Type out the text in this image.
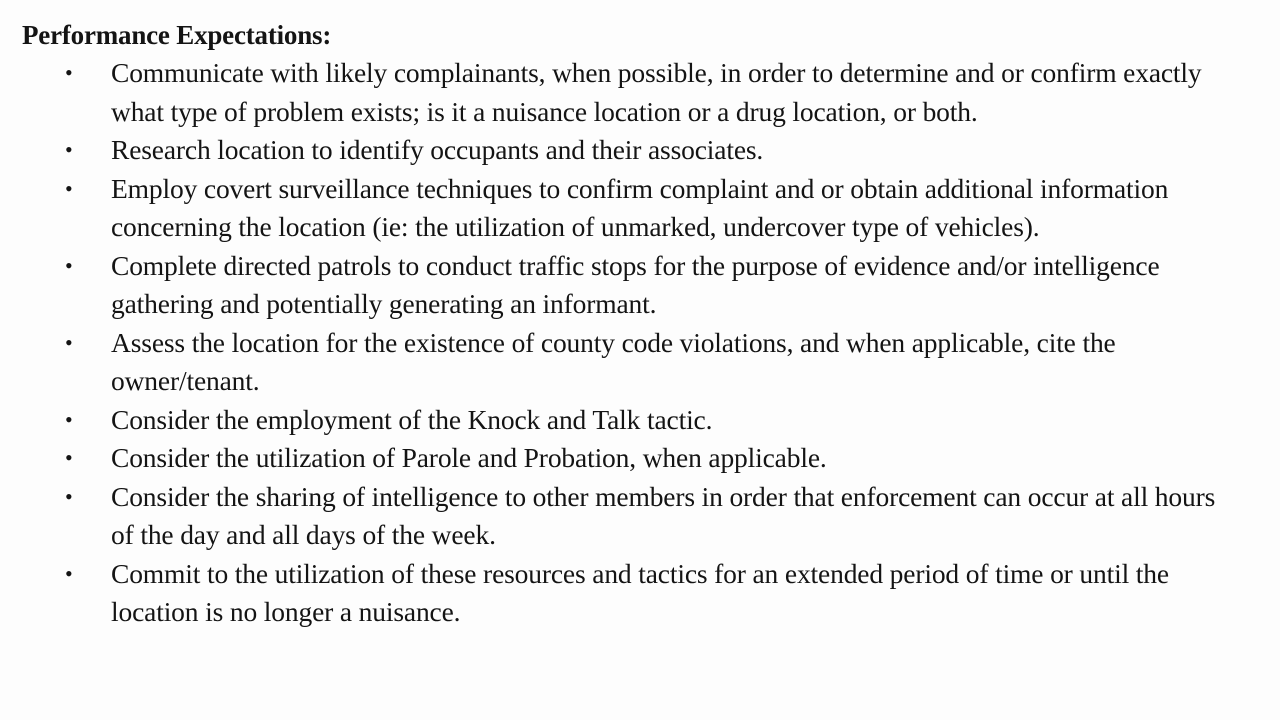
Performance Expectations:

• Communicate with likely complainants, when possible, in order to determine and or confirm exactly what type of problem exists; is it a nuisance location or a drug location, or both.
• Research location to identify occupants and their associates.
• Employ covert surveillance techniques to confirm complaint and or obtain additional information concerning the location (ie: the utilization of unmarked, undercover type of vehicles).
• Complete directed patrols to conduct traffic stops for the purpose of evidence and/or intelligence gathering and potentially generating an informant.
• Assess the location for the existence of county code violations, and when applicable, cite the owner/tenant.
• Consider the employment of the Knock and Talk tactic.
• Consider the utilization of Parole and Probation, when applicable.
• Consider the sharing of intelligence to other members in order that enforcement can occur at all hours of the day and all days of the week.
• Commit to the utilization of these resources and tactics for an extended period of time or until the location is no longer a nuisance.
